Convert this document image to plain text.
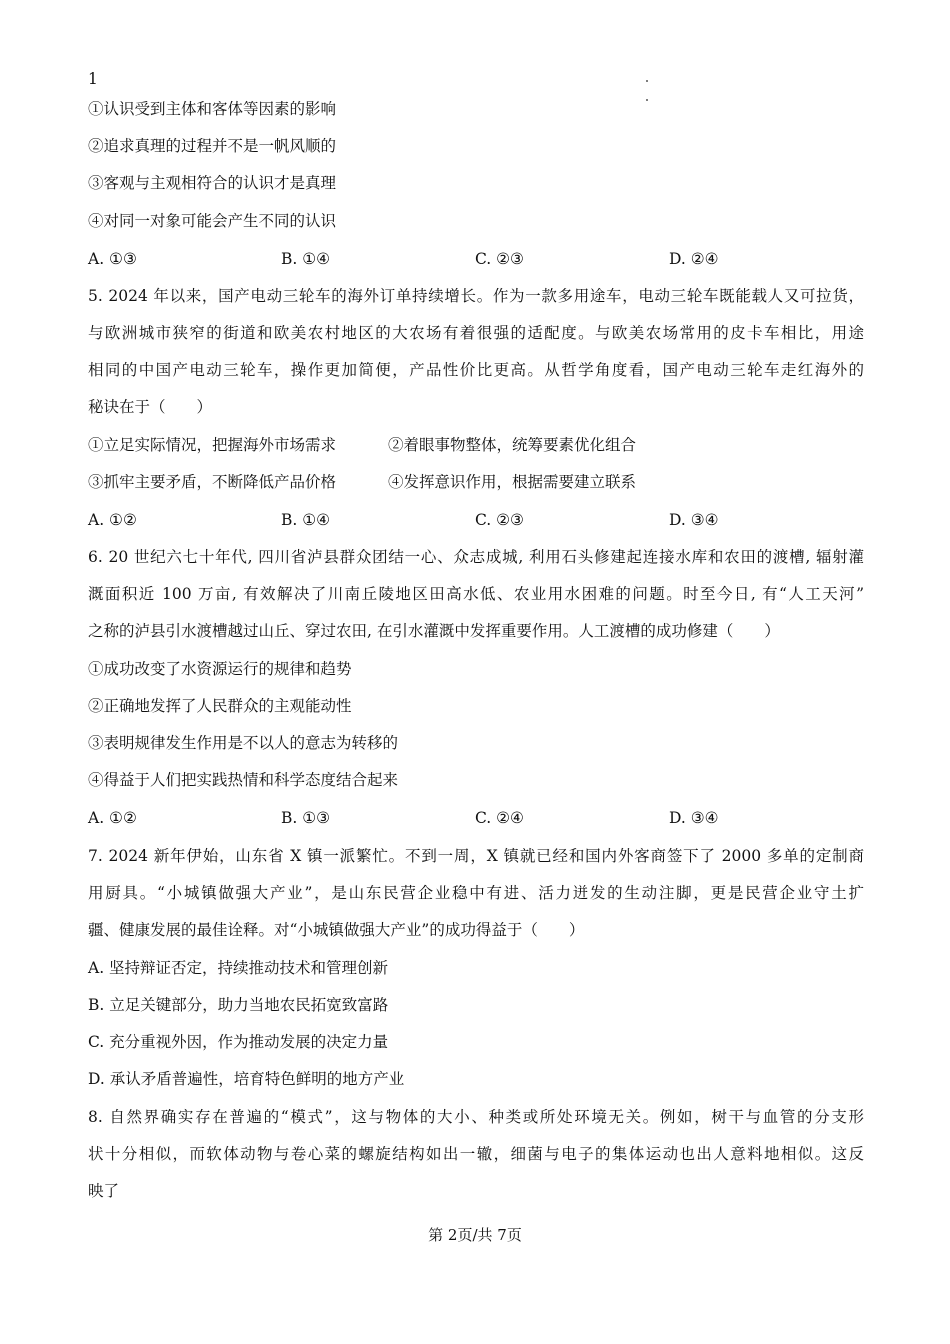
1
①认识受到主体和客体等因素的影响
②追求真理的过程并不是一帆风顺的
③客观与主观相符合的认识才是真理
④对同一对象可能会产生不同的认识
A. ①③	B. ①④	C. ②③	D. ②④
5. 2024 年以来，国产电动三轮车的海外订单持续增长。作为一款多用途车，电动三轮车既能载人又可拉货，
与欧洲城市狭窄的街道和欧美农村地区的大农场有着很强的适配度。与欧美农场常用的皮卡车相比，用途
相同的中国产电动三轮车，操作更加简便，产品性价比更高。从哲学角度看，国产电动三轮车走红海外的
秘诀在于（　　）
①立足实际情况，把握海外市场需求	②着眼事物整体，统筹要素优化组合
③抓牢主要矛盾，不断降低产品价格	④发挥意识作用，根据需要建立联系
A. ①②	B. ①④	C. ②③	D. ③④
6. 20 世纪六七十年代, 四川省泸县群众团结一心、众志成城, 利用石头修建起连接水库和农田的渡槽, 辐射灌
溉面积近 100 万亩, 有效解决了川南丘陵地区田高水低、农业用水困难的问题。时至今日, 有“人工天河”
之称的泸县引水渡槽越过山丘、穿过农田, 在引水灌溉中发挥重要作用。人工渡槽的成功修建（　　）
①成功改变了水资源运行的规律和趋势
②正确地发挥了人民群众的主观能动性
③表明规律发生作用是不以人的意志为转移的
④得益于人们把实践热情和科学态度结合起来
A. ①②	B. ①③	C. ②④	D. ③④
7. 2024 新年伊始，山东省 X 镇一派繁忙。不到一周，X 镇就已经和国内外客商签下了 2000 多单的定制商
用厨具。“小城镇做强大产业”，是山东民营企业稳中有进、活力迸发的生动注脚，更是民营企业守土扩
疆、健康发展的最佳诠释。对“小城镇做强大产业”的成功得益于（　　）
A. 坚持辩证否定，持续推动技术和管理创新
B. 立足关键部分，助力当地农民拓宽致富路
C. 充分重视外因，作为推动发展的决定力量
D. 承认矛盾普遍性，培育特色鲜明的地方产业
8. 自然界确实存在普遍的“模式”，这与物体的大小、种类或所处环境无关。例如，树干与血管的分支形
状十分相似，而软体动物与卷心菜的螺旋结构如出一辙，细菌与电子的集体运动也出人意料地相似。这反
映了
第 2页/共 7页
